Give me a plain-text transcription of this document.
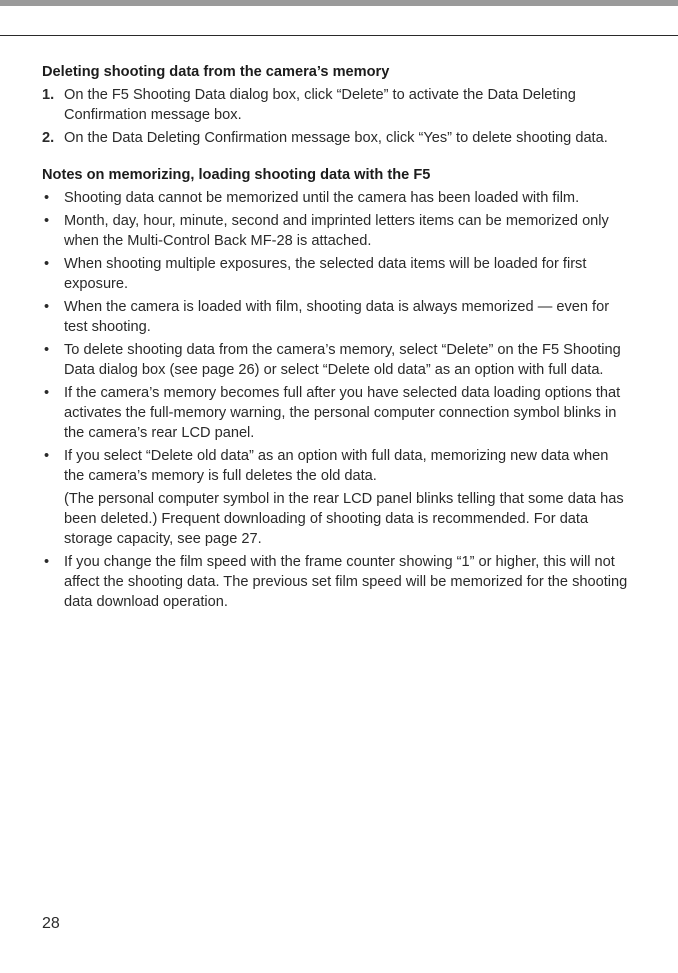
Deleting shooting data from the camera’s memory
1. On the F5 Shooting Data dialog box, click “Delete” to activate the Data Deleting Confirmation message box.
2. On the Data Deleting Confirmation message box, click “Yes” to delete shooting data.
Notes on memorizing, loading shooting data with the F5
• Shooting data cannot be memorized until the camera has been loaded with film.
• Month, day, hour, minute, second and imprinted letters items can be memorized only when the Multi-Control Back MF-28 is attached.
• When shooting multiple exposures, the selected data items will be loaded for first exposure.
• When the camera is loaded with film, shooting data is always memorized — even for test shooting.
• To delete shooting data from the camera’s memory, select “Delete” on the F5 Shooting Data dialog box (see page 26) or select “Delete old data” as an option with full data.
• If the camera’s memory becomes full after you have selected data loading options that activates the full-memory warning, the personal computer connection symbol blinks in the camera’s rear LCD panel.
• If you select “Delete old data” as an option with full data, memorizing new data when the camera’s memory is full deletes the old data.

(The personal computer symbol in the rear LCD panel blinks telling that some data has been deleted.) Frequent downloading of shooting data is recommended. For data storage capacity, see page 27.

• If you change the film speed with the frame counter showing “1” or higher, this will not affect the shooting data. The previous set film speed will be memorized for the shooting data download operation.
28
